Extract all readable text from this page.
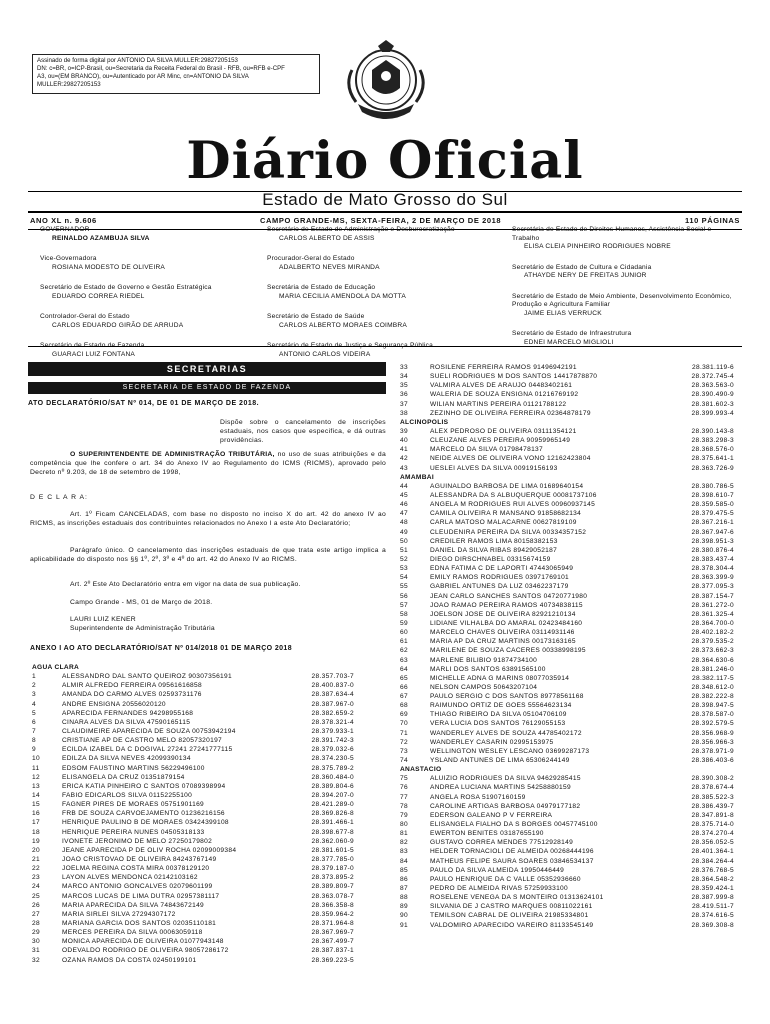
Assinado de forma digital por ANTONIO DA SILVA MULLER:29827205153
DN: c=BR, o=ICP-Brasil, ou=Secretaria da Receita Federal do Brasil - RFB, ou=RFB e-CPF
A3, ou=(EM BRANCO), ou=Autenticado por AR Minc, cn=ANTONIO DA SILVA
MULLER:29827205153
Diário Oficial
Estado de Mato Grosso do Sul
ANO XL n. 9.606	CAMPO GRANDE-MS, SEXTA-FEIRA, 2 DE MARÇO DE 2018	110 PÁGINAS
GOVERNADOR
REINALDO AZAMBUJA SILVA
Vice-Governadora
ROSIANA MODESTO DE OLIVEIRA
Secretário de Estado de Governo e Gestão Estratégica
EDUARDO CORREA RIEDEL
Controlador-Geral do Estado
CARLOS EDUARDO GIRÃO DE ARRUDA
Secretário de Estado de Fazenda
GUARACI LUIZ FONTANA
Secretário de Estado de Administração e Desburocratização
CARLOS ALBERTO DE ASSIS
Procurador-Geral do Estado
ADALBERTO NEVES MIRANDA
Secretária de Estado de Educação
MARIA CECILIA AMENDOLA DA MOTTA
Secretário de Estado de Saúde
CARLOS ALBERTO MORAES COIMBRA
Secretário de Estado de Justiça e Segurança Pública
ANTONIO CARLOS VIDEIRA
Secretária de Estado de Direitos Humanos, Assistência Social e Trabalho
ELISA CLEIA PINHEIRO RODRIGUES NOBRE
Secretário de Estado de Cultura e Cidadania
ATHAYDE NERY DE FREITAS JUNIOR
Secretário de Estado de Meio Ambiente, Desenvolvimento Econômico, Produção e Agricultura Familiar
JAIME ELIAS VERRUCK
Secretário de Estado de Infraestrutura
EDNEI MARCELO MIGLIOLI
SECRETARIAS
SECRETARIA DE ESTADO DE FAZENDA
ATO DECLARATÓRIO/SAT Nº 014, DE 01 DE MARÇO DE 2018.
Dispõe sobre o cancelamento de inscrições estaduais, nos casos que especifica, e dá outras providências.
O SUPERINTENDENTE DE ADMINISTRAÇÃO TRIBUTÁRIA, no uso de suas atribuições e da competência que lhe confere o art. 34 do Anexo IV ao Regulamento do ICMS (RICMS), aprovado pelo Decreto nº 9.203, de 18 de setembro de 1998,
D E C L A R A:
Art. 1º Ficam CANCELADAS, com base no disposto no inciso X do art. 42 do anexo IV ao RICMS, as inscrições estaduais dos contribuintes relacionados no Anexo I a este Ato Declaratório;
Parágrafo único. O cancelamento das inscrições estaduais de que trata este artigo implica a aplicabilidade do disposto nos §§ 1º, 2º, 3º e 4º do art. 42 do Anexo IV ao RICMS.
Art. 2º Este Ato Declaratório entra em vigor na data de sua publicação.
Campo Grande - MS, 01 de Março de 2018.
LAURI LUIZ KENER
Superintendente de Administração Tributária
ANEXO I AO ATO DECLARATÓRIO/SAT Nº 014/2018 01 DE MARÇO 2018
AGUA CLARA
1	ALESSANDRO DAL SANTO QUEIROZ 90307356191	28.357.703-7
2	ALMIR ALFREDO FERREIRA 09561616858	28.400.837-0
3	AMANDA DO CARMO ALVES 02593731176	28.387.634-4
4	ANDRE ENSIGNA 20556020120	28.387.967-0
5	APARECIDA FERNANDES 94298955168	28.382.659-2
6	CINARA ALVES DA SILVA 47590165115	28.378.321-4
7	CLAUDIMEIRE APARECIDA DE SOUZA 00753942194	28.379.933-1
8	CRISTIANE AP DE CASTRO MELO 82057320197	28.391.742-3
9	ECILDA IZABEL DA C DOGIVAL 27241 27241777115	28.379.032-6
10	EDILZA DA SILVA NEVES 42099390134	28.374.230-5
11	EDSOM FAUSTINO MARTINS 56229496100	28.375.789-2
12	ELISANGELA DA CRUZ 01351879154	28.360.484-0
13	ERICA KATIA PINHEIRO C SANTOS 07089398994	28.389.804-6
14	FABIO EDICARLOS SILVA 01152255100	28.394.207-0
15	FAGNER PIRES DE MORAES 05751901169	28.421.289-0
16	FRB DE SOUZA CARVOEJAMENTO 01236216156	28.369.826-8
17	HENRIQUE PAULINO B DE MORAES 03424399108	28.391.466-1
18	HENRIQUE PEREIRA NUNES 04505318133	28.398.677-8
19	IVONETE JERONIMO DE MELO 27250179802	28.362.060-9
20	JEANE APARECIDA P DE OLIV ROCHA 02099009384	28.381.601-5
21	JOAO CRISTOVAO DE OLIVEIRA 84243767149	28.377.785-0
22	JOELMA REGINA COSTA MIRA 00378129120	28.379.187-0
23	LAYON ALVES MENDONCA 02142103162	28.373.895-2
24	MARCO ANTONIO GONCALVES 02079601199	28.389.809-7
25	MARCOS LUCAS DE LIMA DUTRA 02957381117	28.363.078-7
26	MARIA APARECIDA DA SILVA 74843672149	28.366.358-8
27	MARIA SIRLEI SILVA 27294307172	28.359.964-2
28	MARIANA GARCIA DOS SANTOS 02035110181	28.371.964-8
29	MERCES PEREIRA DA SILVA 00063059118	28.367.969-7
30	MONICA APARECIDA DE OLIVEIRA 01077943148	28.367.499-7
31	ODEVALDO RODRIGO DE OLIVEIRA 98057286172	28.387.837-1
32	OZANA RAMOS DA COSTA 02450199101	28.369.223-5
33	ROSILENE FERREIRA RAMOS 91496942191	28.381.119-6
34	SUELI RODRIGUES M DOS SANTOS 14417878870	28.372.745-4
35	VALMIRA ALVES DE ARAUJO 04483402161	28.363.563-0
36	WALERIA DE SOUZA ENSIGNA 01216769192	28.390.490-9
37	WILIAN MARTINS PEREIRA 01121788122	28.381.602-3
38	ZEZINHO DE OLIVEIRA FERREIRA 02364878179	28.399.993-4
ALCINOPOLIS
39	ALEX PEDROSO DE OLIVEIRA 03111354121	28.390.143-8
40	CLEUZANE ALVES PEREIRA 90959965149	28.383.298-3
41	MARCELO DA SILVA 01798478137	28.368.576-0
42	NEIDE ALVES DE OLIVEIRA VONO 12162423804	28.375.641-1
43	UESLEI ALVES DA SILVA 00919156193	28.363.726-9
AMAMBAI
44	AGUINALDO BARBOSA DE LIMA 01689640154	28.380.786-5
45	ALESSANDRA DA S ALBUQUERQUE 00081737106	28.398.610-7
46	ANGELA M RODRIGUES RUI ALVES 00960937145	28.359.585-0
47	CAMILA OLIVEIRA R MANSANO 91858682134	28.379.475-5
48	CARLA MATOSO MALACARNE 00627819109	28.367.216-1
49	CLEUDENIRA PEREIRA DA SILVA 00334357152	28.367.947-6
50	CREDILER RAMOS LIMA 80158382153	28.398.951-3
51	DANIEL DA SILVA RIBAS 89429052187	28.380.876-4
52	DIEGO DIRSCHNABEL 03315674159	28.383.437-4
53	EDNA FATIMA C DE LAPORTI 47443065949	28.378.304-4
54	EMILY RAMOS RODRIGUES 03971769101	28.363.399-9
55	GABRIEL ANTUNES DA LUZ 03462237179	28.377.095-3
56	JEAN CARLO SANCHES SANTOS 04720771980	28.387.154-7
57	JOAO RAMAO PEREIRA RAMOS 40734838115	28.361.272-0
58	JOELSON JOSE DE OLIVEIRA 82921210134	28.361.325-4
59	LIDIANE VILHALBA DO AMARAL 02423484160	28.364.700-0
60	MARCELO CHAVES OLIVEIRA 03114931146	28.402.182-2
61	MARIA AP DA CRUZ MARTINS 00173163165	28.379.535-2
62	MARILENE DE SOUZA CACERES 00338998195	28.373.662-3
63	MARLENE BILIBIO 91874734100	28.364.630-6
64	MARLI DOS SANTOS 63891565100	28.381.246-0
65	MICHELLE ADNA G MARINS 08077035914	28.382.117-5
66	NELSON CAMPOS 50643207104	28.348.612-0
67	PAULO SERGIO C DOS SANTOS 89778561168	28.382.222-8
68	RAIMUNDO ORTIZ DE GOES 55564623134	28.398.947-5
69	THIAGO RIBEIRO DA SILVA 05104706109	28.378.587-0
70	VERA LUCIA DOS SANTOS 76129055153	28.392.579-5
71	WANDERLEY ALVES DE SOUZA 44785402172	28.356.968-9
72	WANDERLEY CASARIN 02995153975	28.356.966-3
73	WELLINGTON WESLEY LESCANO 03699287173	28.378.971-9
74	YSLAND ANTUNES DE LIMA 65306244149	28.386.403-6
ANASTACIO
75	ALUIZIO RODRIGUES DA SILVA 94629285415	28.390.308-2
76	ANDREA LUCIANA MARTINS 54258880159	28.378.674-4
77	ANGELA ROSA 51907160159	28.385.522-3
78	CAROLINE ARTIGAS BARBOSA 04979177182	28.386.439-7
79	EDERSON GALEANO P V FERREIRA	28.347.891-8
80	ELISANGELA FIALHO DA S BORGES 00457745100	28.375.714-0
81	EWERTON BENITES 03187655190	28.374.270-4
82	GUSTAVO CORREA MENDES 77512928149	28.356.052-5
83	HELDER TORNACIOLI DE ALMEIDA 00268444196	28.401.364-1
84	MATHEUS FELIPE SAURA SOARES 03846534137	28.384.264-4
85	PAULO DA SILVA ALMEIDA 19950446449	28.376.768-5
86	PAULO HENRIQUE DA C VALLE 05352936660	28.364.548-2
87	PEDRO DE ALMEIDA RIVAS 57259933100	28.359.424-1
88	ROSELENE VENEGA DA S MONTEIRO 01313624101	28.387.999-8
89	SILVANIA DE J CASTRO MARQUES 00811022161	28.419.511-7
90	TEMILSON CABRAL DE OLIVEIRA 21985334801	28.374.616-5
91	VALDOMIRO APARECIDO VAREIRO 81133545149	28.369.308-8
